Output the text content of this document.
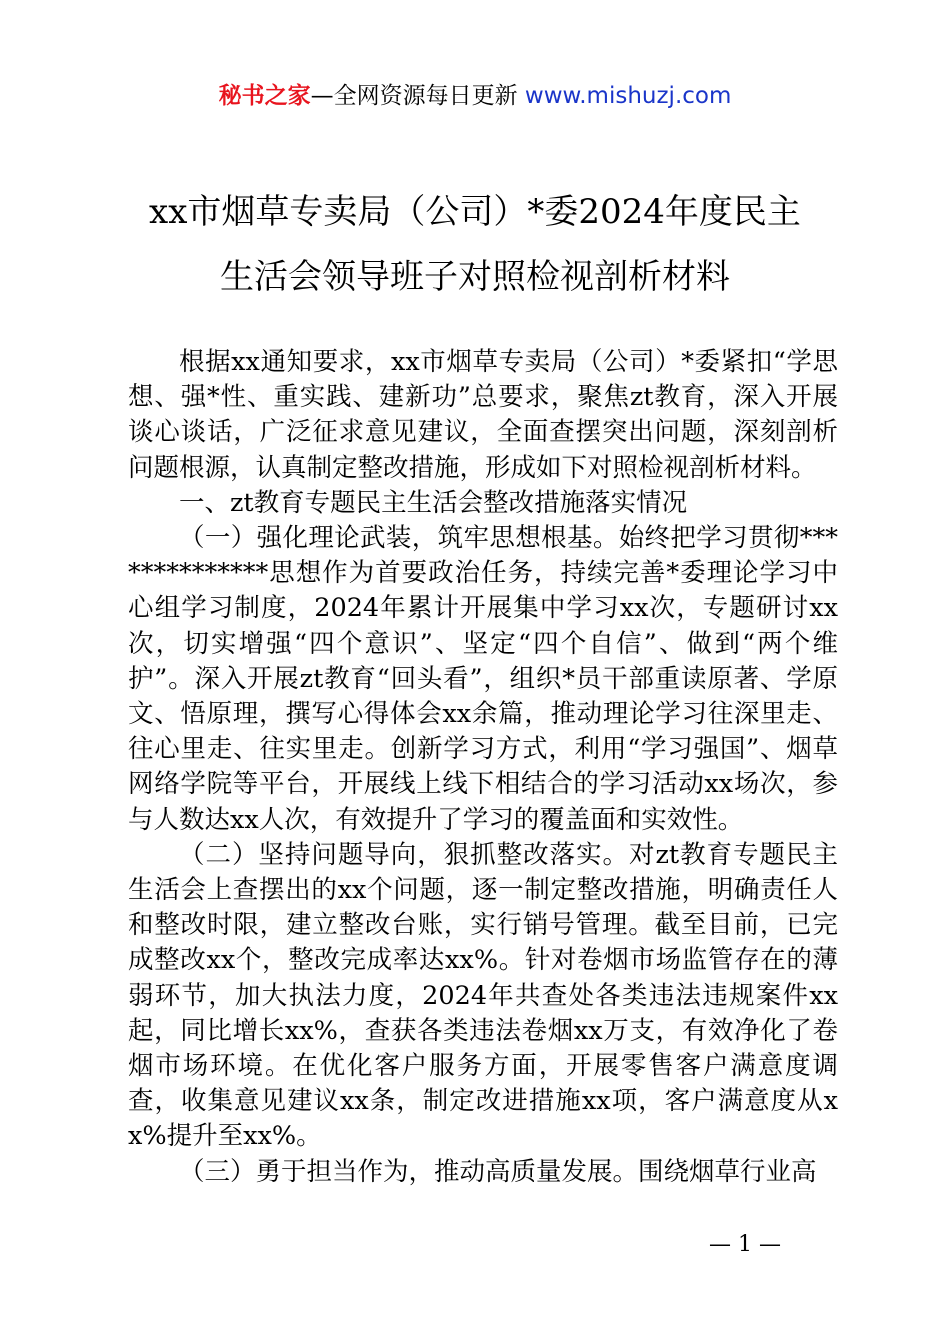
秘书之家—全网资源每日更新 www.mishuzj.com
xx市烟草专卖局（公司）*委2024年度民主
生活会领导班子对照检视剖析材料

根据xx通知要求，xx市烟草专卖局（公司）*委紧扣“学思想、强*性、重实践、建新功”总要求，聚焦zt教育，深入开展谈心谈话，广泛征求意见建议，全面查摆突出问题，深刻剖析问题根源，认真制定整改措施，形成如下对照检视剖析材料。

一、zt教育专题民主生活会整改措施落实情况

（一）强化理论武装，筑牢思想根基。始终把学习贯彻**************思想作为首要政治任务，持续完善*委理论学习中心组学习制度，2024年累计开展集中学习xx次，专题研讨xx次，切实增强“四个意识”、坚定“四个自信”、做到“两个维护”。深入开展zt教育“回头看”，组织*员干部重读原著、学原文、悟原理，撰写心得体会xx余篇，推动理论学习往深里走、往心里走、往实里走。创新学习方式，利用“学习强国”、烟草网络学院等平台，开展线上线下相结合的学习活动xx场次，参与人数达xx人次，有效提升了学习的覆盖面和实效性。

（二）坚持问题导向，狠抓整改落实。对zt教育专题民主生活会上查摆出的xx个问题，逐一制定整改措施，明确责任人和整改时限，建立整改台账，实行销号管理。截至目前，已完成整改xx个，整改完成率达xx%。针对卷烟市场监管存在的薄弱环节，加大执法力度，2024年共查处各类违法违规案件xx起，同比增长xx%，查获各类违法卷烟xx万支，有效净化了卷烟市场环境。在优化客户服务方面，开展零售客户满意度调查，收集意见建议xx条，制定改进措施xx项，客户满意度从xx%提升至xx%。

（三）勇于担当作为，推动高质量发展。围绕烟草行业高

— 1 —
